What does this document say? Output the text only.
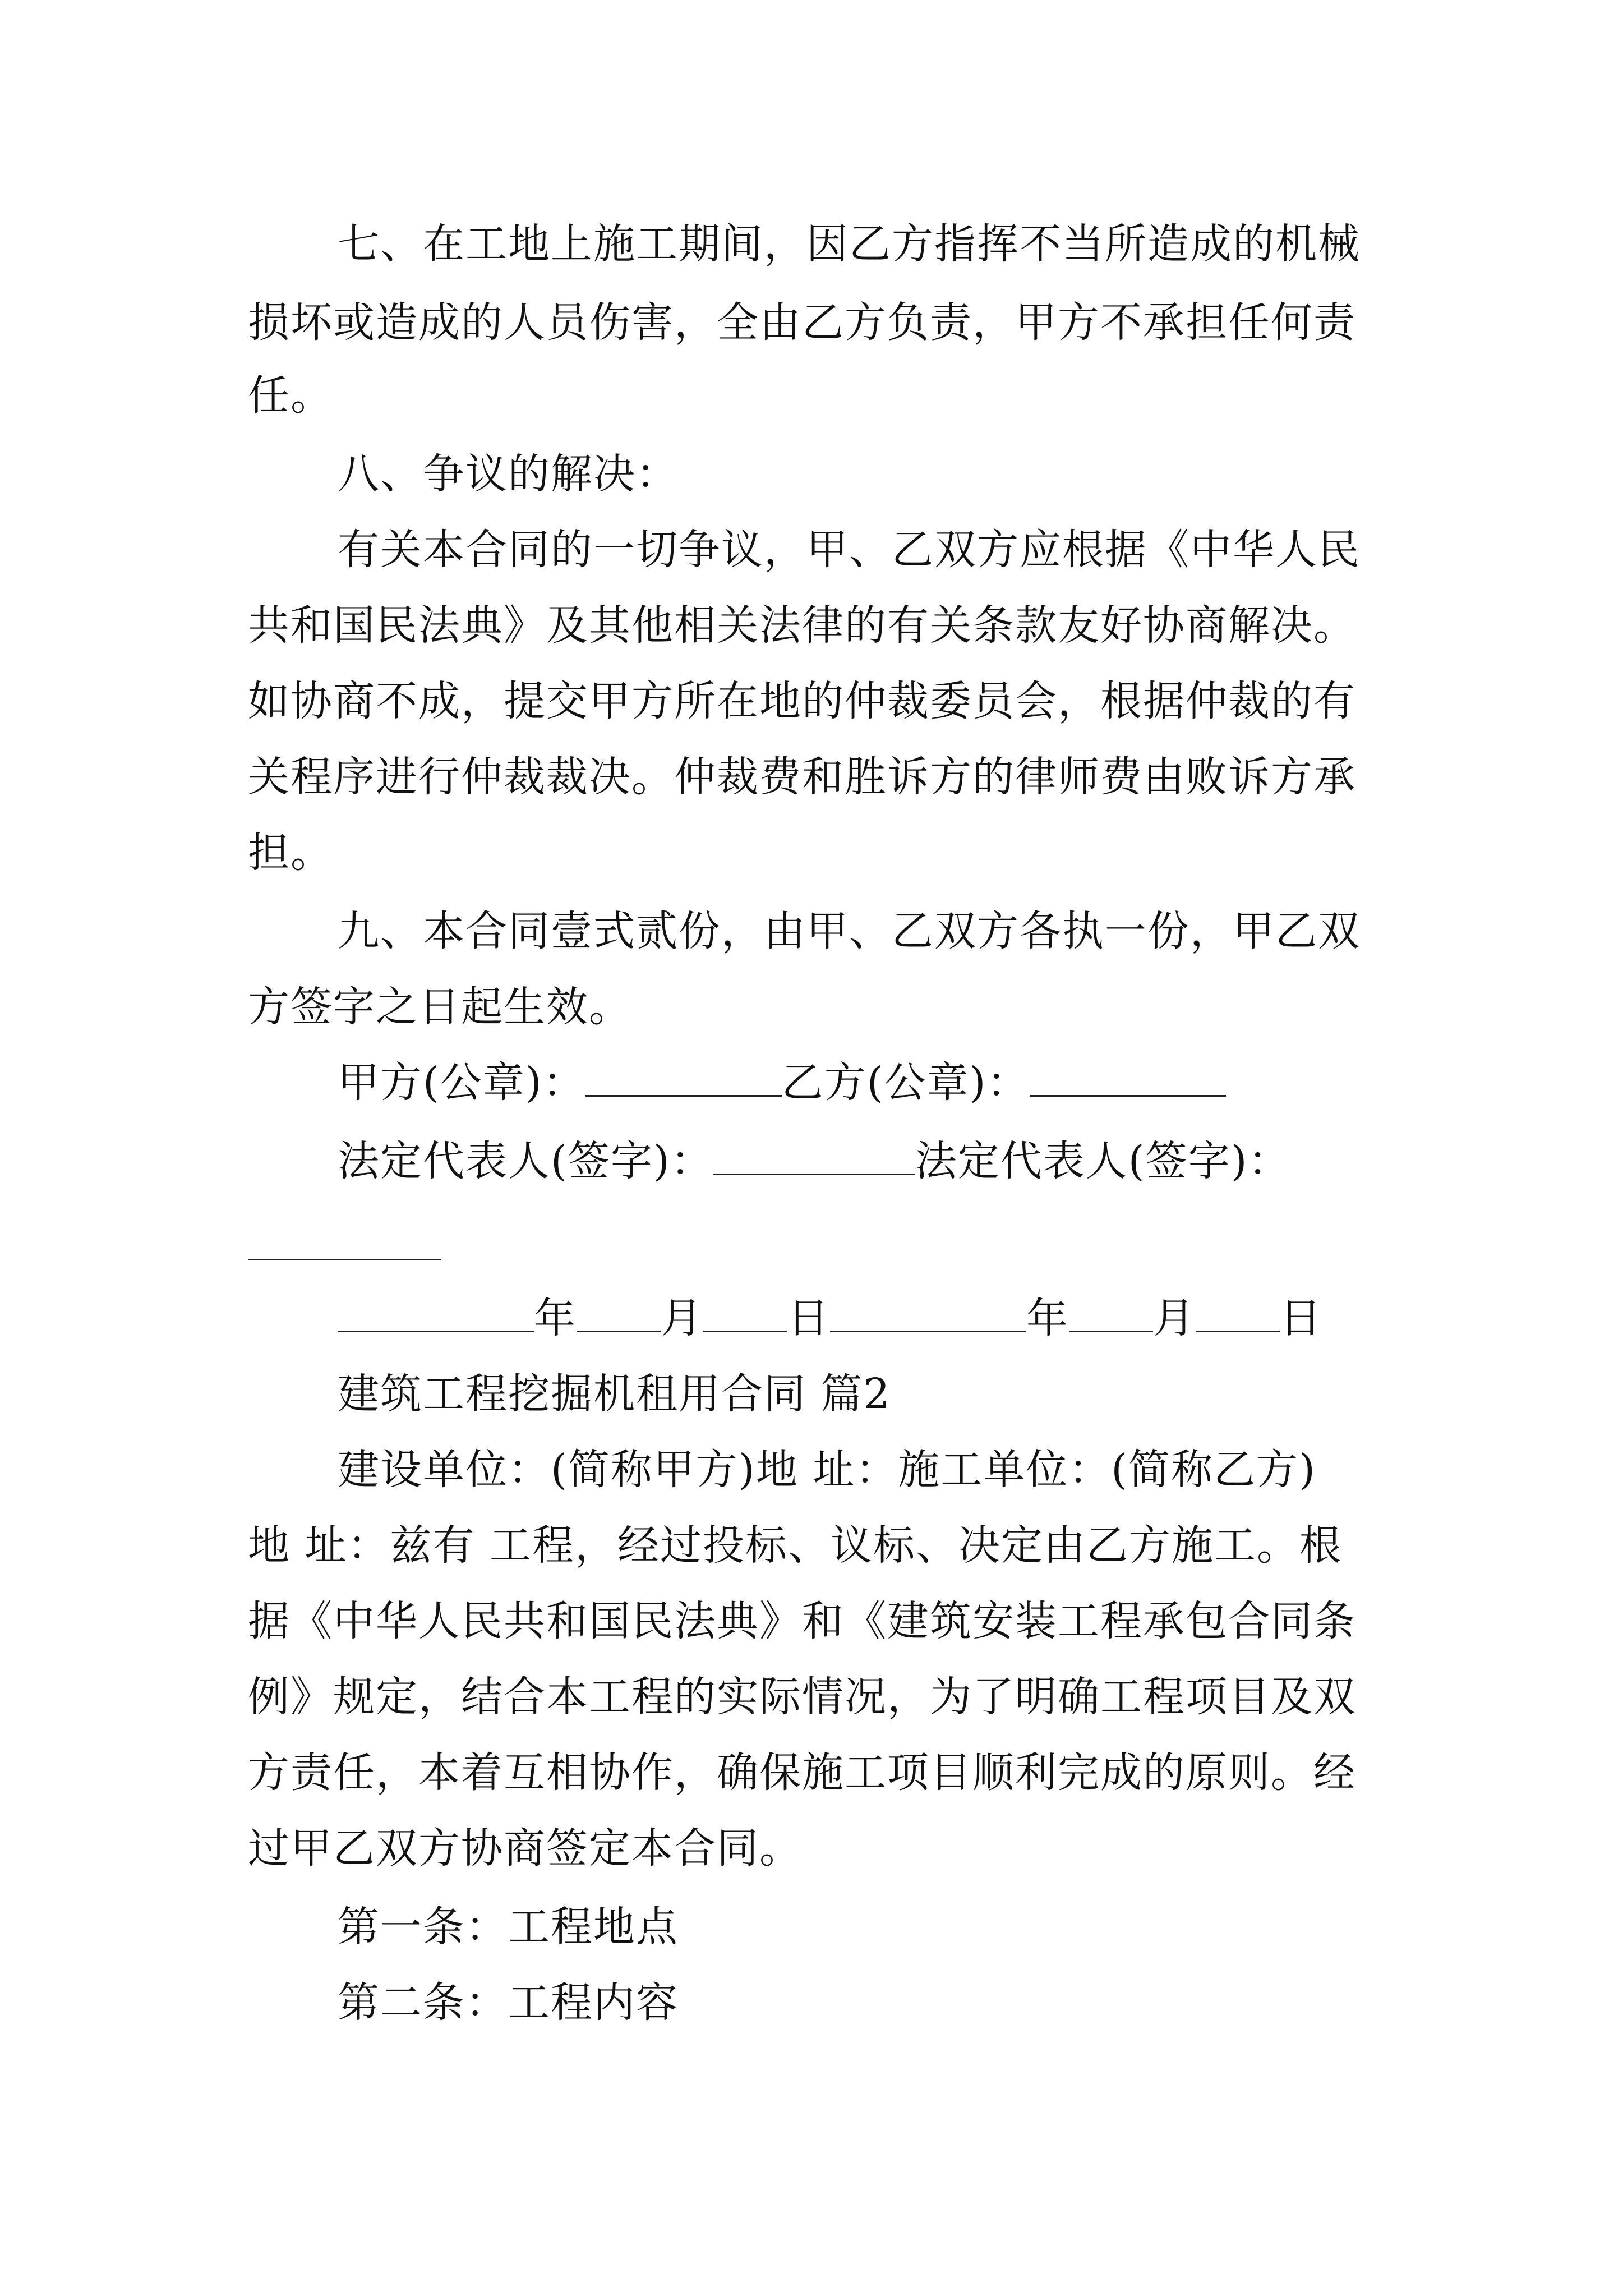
七、在工地上施工期间，因乙方指挥不当所造成的机械
损坏或造成的人员伤害，全由乙方负责，甲方不承担任何责
任。
八、争议的解决：
有关本合同的一切争议，甲、乙双方应根据《中华人民
共和国民法典》及其他相关法律的有关条款友好协商解决。
如协商不成，提交甲方所在地的仲裁委员会，根据仲裁的有
关程序进行仲裁裁决。仲裁费和胜诉方的律师费由败诉方承
担。
九、本合同壹式贰份，由甲、乙双方各执一份，甲乙双
方签字之日起生效。
甲方(公章)：	乙方(公章)：
法定代表人(签字)：	法定代表人(签字)：
年 月 日	年 月 日
建筑工程挖掘机租用合同 篇2
建设单位：(简称甲方)地 址：施工单位：(简称乙方)
地 址：兹有 工程，经过投标、议标、决定由乙方施工。根
据《中华人民共和国民法典》和《建筑安装工程承包合同条
例》规定，结合本工程的实际情况，为了明确工程项目及双
方责任，本着互相协作，确保施工项目顺利完成的原则。经
过甲乙双方协商签定本合同。
第一条：工程地点
第二条：工程内容
